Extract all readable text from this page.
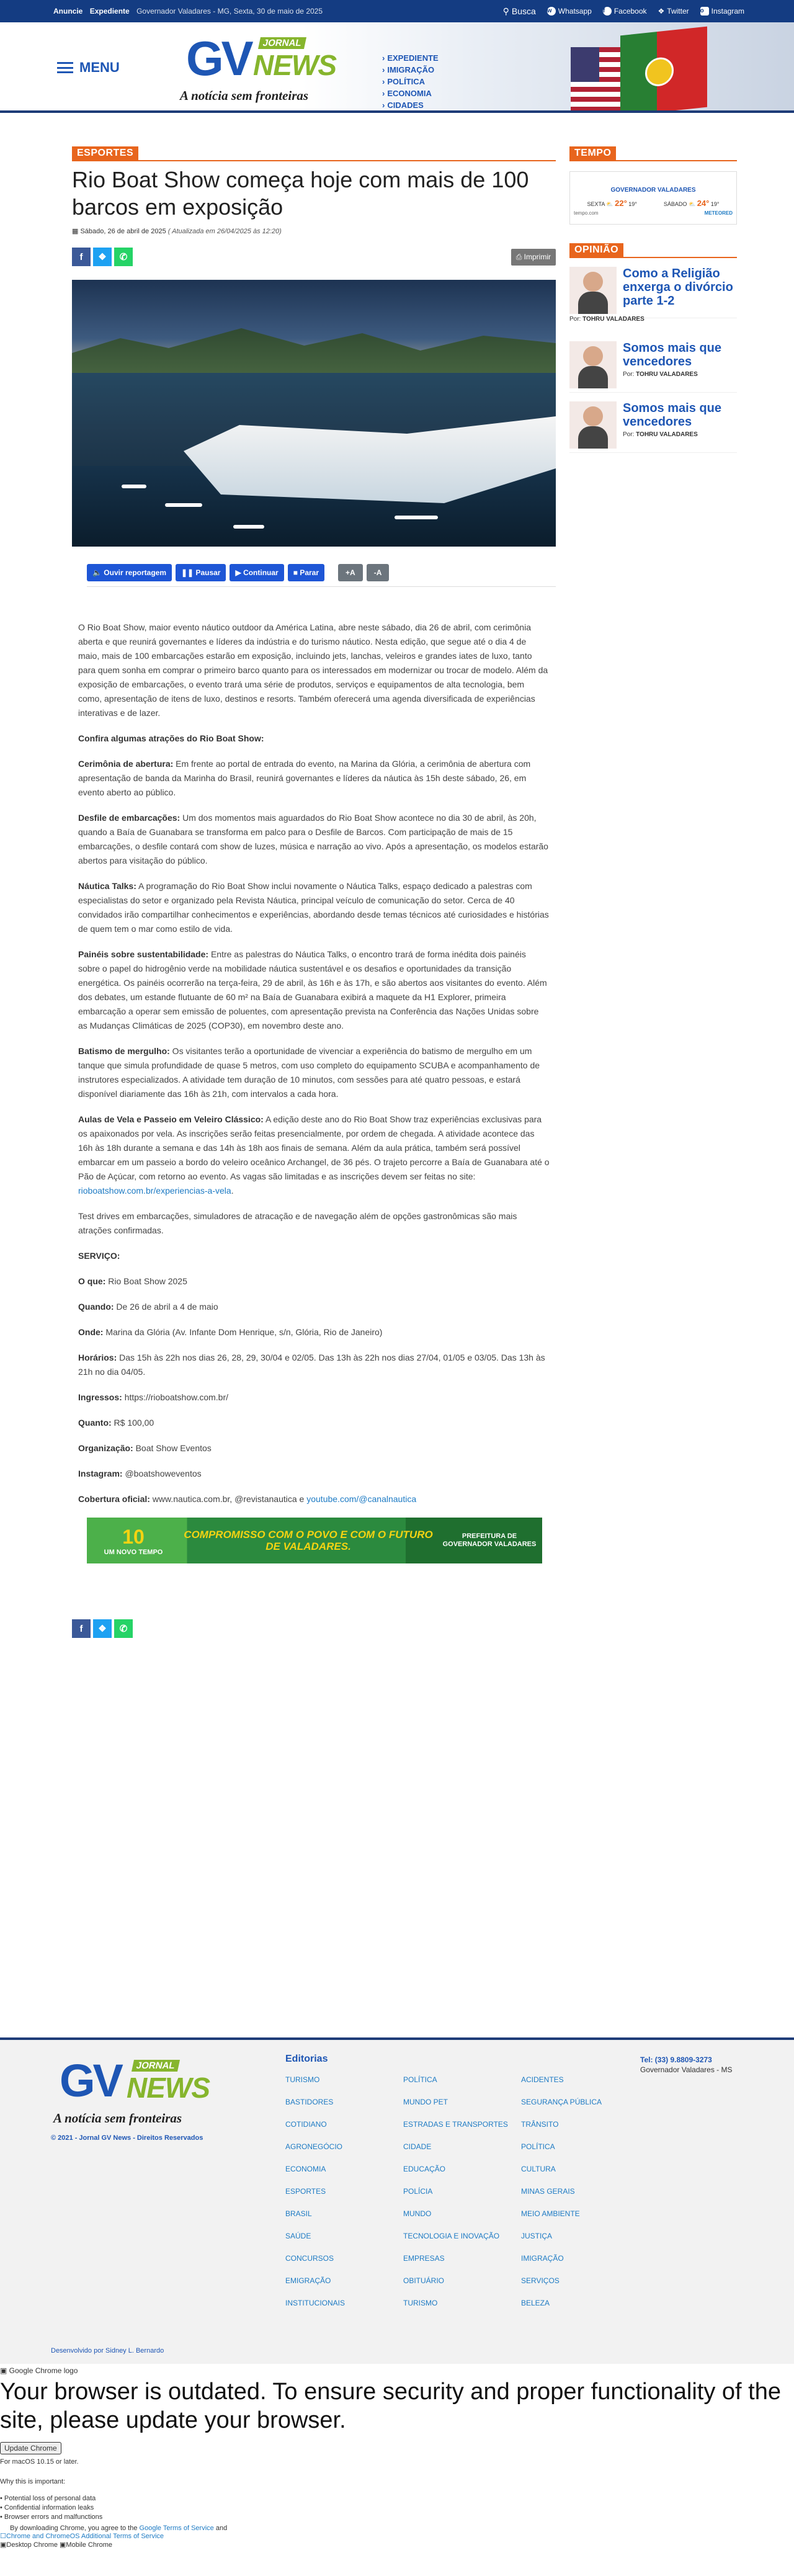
Anuncie Expediente Governador Valadares - MG, Sexta, 30 de maio de 2025	⚲ Busca w Whatsapp f	Facebook ❖ Twitter o Instagram
MENU GV	JORNAL
NEWS
A notícia sem fronteiras
› EXPEDIENTE
› IMIGRAÇÃO
› POLÍTICA
› ECONOMIA
› CIDADES
ESPORTES
Rio Boat Show começa hoje com mais de 100 barcos em exposição
▦ Sábado, 26 de abril de 2025 ( Atualizada em 26/04/2025 às 12:20)
f ❖ ✆	⎙ Imprimir
🔈 Ouvir reportagem	❚❚ Pausar	▶ Continuar	■ Parar	+A	-A

O Rio Boat Show, maior evento náutico outdoor da América Latina, abre neste sábado, dia 26 de abril, com cerimônia aberta e que reunirá governantes e líderes da indústria e do turismo náutico. Nesta edição, que segue até o dia 4 de maio, mais de 100 embarcações estarão em exposição, incluindo jets, lanchas, veleiros e grandes iates de luxo, tanto para quem sonha em comprar o primeiro barco quanto para os interessados em modernizar ou trocar de modelo. Além da exposição de embarcações, o evento trará uma série de produtos, serviços e equipamentos de alta tecnologia, bem como, apresentação de itens de luxo, destinos e resorts. Também oferecerá uma agenda diversificada de experiências interativas e de lazer.

Confira algumas atrações do Rio Boat Show:

Cerimônia de abertura: Em frente ao portal de entrada do evento, na Marina da Glória, a cerimônia de abertura com apresentação de banda da Marinha do Brasil, reunirá governantes e líderes da náutica às 15h deste sábado, 26, em evento aberto ao público.

Desfile de embarcações: Um dos momentos mais aguardados do Rio Boat Show acontece no dia 30 de abril, às 20h, quando a Baía de Guanabara se transforma em palco para o Desfile de Barcos. Com participação de mais de 15 embarcações, o desfile contará com show de luzes, música e narração ao vivo. Após a apresentação, os modelos estarão abertos para visitação do público.

Náutica Talks: A programação do Rio Boat Show inclui novamente o Náutica Talks, espaço dedicado a palestras com especialistas do setor e organizado pela Revista Náutica, principal veículo de comunicação do setor. Cerca de 40 convidados irão compartilhar conhecimentos e experiências, abordando desde temas técnicos até curiosidades e histórias de quem tem o mar como estilo de vida.

Painéis sobre sustentabilidade: Entre as palestras do Náutica Talks, o encontro trará de forma inédita dois painéis sobre o papel do hidrogênio verde na mobilidade náutica sustentável e os desafios e oportunidades da transição energética. Os painéis ocorrerão na terça-feira, 29 de abril, às 16h e às 17h, e são abertos aos visitantes do evento. Além dos debates, um estande flutuante de 60 m² na Baía de Guanabara exibirá a maquete da H1 Explorer, primeira embarcação a operar sem emissão de poluentes, com apresentação prevista na Conferência das Nações Unidas sobre as Mudanças Climáticas de 2025 (COP30), em novembro deste ano.

Batismo de mergulho: Os visitantes terão a oportunidade de vivenciar a experiência do batismo de mergulho em um tanque que simula profundidade de quase 5 metros, com uso completo do equipamento SCUBA e acompanhamento de instrutores especializados. A atividade tem duração de 10 minutos, com sessões para até quatro pessoas, e estará disponível diariamente das 16h às 21h, com intervalos a cada hora.

Aulas de Vela e Passeio em Veleiro Clássico: A edição deste ano do Rio Boat Show traz experiências exclusivas para os apaixonados por vela. As inscrições serão feitas presencialmente, por ordem de chegada. A atividade acontece das 16h às 18h durante a semana e das 14h às 18h aos finais de semana. Além da aula prática, também será possível embarcar em um passeio a bordo do veleiro oceânico Archangel, de 36 pés. O trajeto percorre a Baía de Guanabara até o Pão de Açúcar, com retorno ao evento. As vagas são limitadas e as inscrições devem ser feitas no site: rioboatshow.com.br/experiencias-a-vela.

Test drives em embarcações, simuladores de atracação e de navegação além de opções gastronômicas são mais atrações confirmadas.

SERVIÇO:

O que: Rio Boat Show 2025

Quando: De 26 de abril a 4 de maio

Onde: Marina da Glória (Av. Infante Dom Henrique, s/n, Glória, Rio de Janeiro)

Horários: Das 15h às 22h nos dias 26, 28, 29, 30/04 e 02/05. Das 13h às 22h nos dias 27/04, 01/05 e 03/05. Das 13h às 21h no dia 04/05.

Ingressos: https://rioboatshow.com.br/

Quanto: R$ 100,00

Organização: Boat Show Eventos

Instagram: @boatshoweventos

Cobertura oficial: www.nautica.com.br, @revistanautica e youtube.com/@canalnautica

10
UM NOVO TEMPO
COMPROMISSO COM O POVO E COM O FUTURO DE VALADARES.
PREFEITURA DE GOVERNADOR VALADARES
f ❖ ✆
TEMPO
GOVERNADOR VALADARES
SEXTA ⛅ 22° 19°	SÁBADO ⛅ 24° 19°
tempo.com	METEORED
OPINIÃO
Como a Religião enxerga o divórcio parte 1-2
Por: TOHRU VALADARES
Somos mais que vencedores
Por: TOHRU VALADARES
Somos mais que vencedores
Por: TOHRU VALADARES
GV	JORNAL
NEWS
A notícia sem fronteiras
© 2021 - Jornal GV News - Direitos Reservados
Editorias
TURISMO	POLÍTICA	ACIDENTES
BASTIDORES	MUNDO PET	SEGURANÇA PÚBLICA
COTIDIANO	ESTRADAS E TRANSPORTES	TRÂNSITO
AGRONEGÓCIO	CIDADE	POLÍTICA
ECONOMIA	EDUCAÇÃO	CULTURA
ESPORTES	POLÍCIA	MINAS GERAIS
BRASIL	MUNDO	MEIO AMBIENTE
SAÚDE	TECNOLOGIA E INOVAÇÃO	JUSTIÇA
CONCURSOS	EMPRESAS	IMIGRAÇÃO
EMIGRAÇÃO	OBITUÁRIO	SERVIÇOS
INSTITUCIONAIS	TURISMO	BELEZA
Tel: (33) 9.8809-3273
Governador Valadares - MS
Desenvolvido por Sidney L. Bernardo
▣ Google Chrome logo
Your browser is outdated. To ensure security and proper functionality of the site, please update your browser.
Update Chrome
For macOS 10.15 or later.
Why this is important:
• Potential loss of personal data
• Confidential information leaks
• Browser errors and malfunctions
By downloading Chrome, you agree to the Google Terms of Service and
☐Chrome and ChromeOS Additional Terms of Service
▣Desktop Chrome ▣Mobile Chrome
